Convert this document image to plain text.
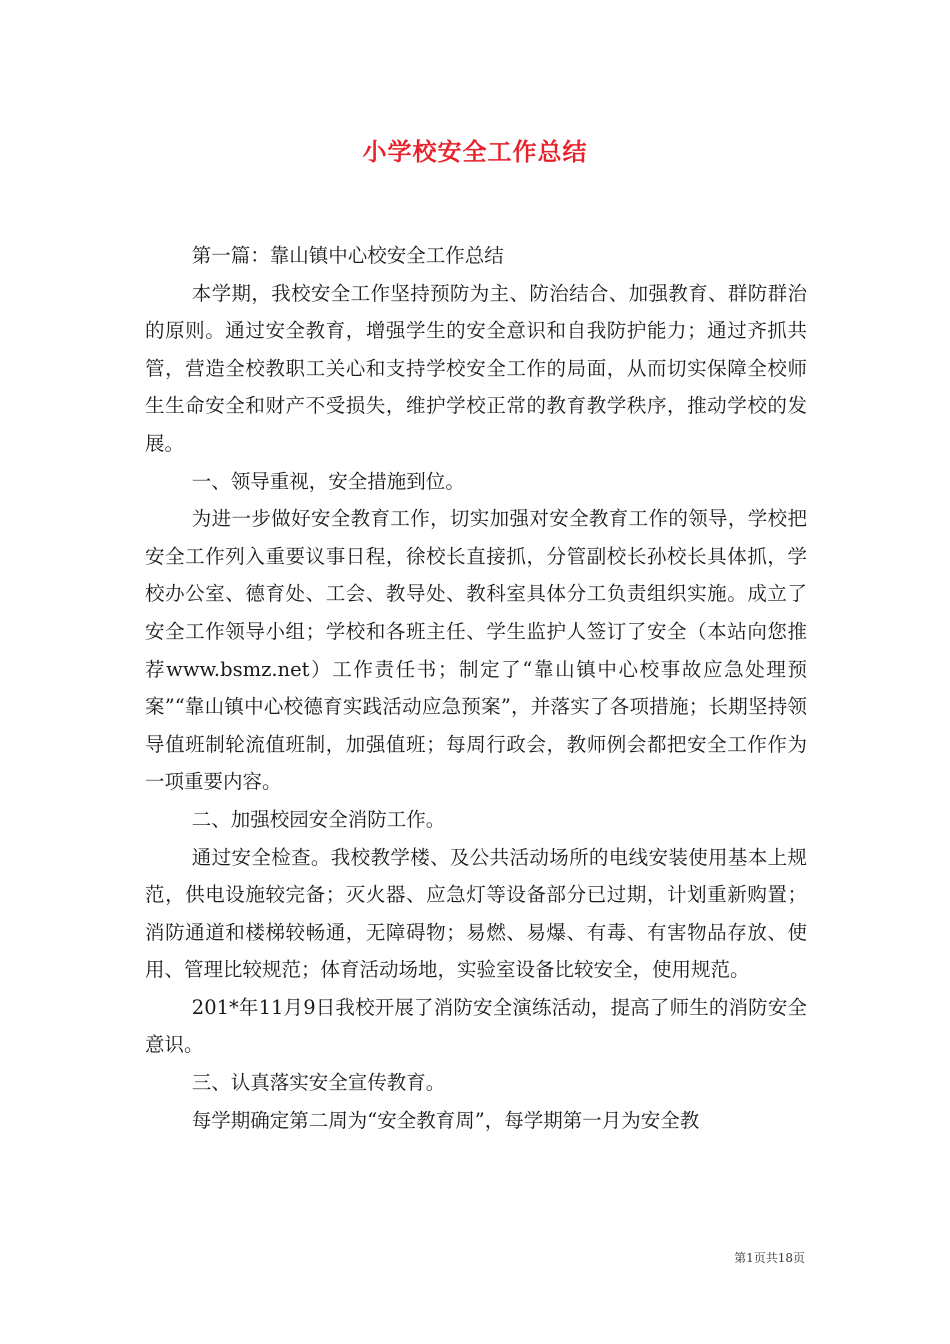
小学校安全工作总结

第一篇：靠山镇中心校安全工作总结

本学期，我校安全工作坚持预防为主、防治结合、加强教育、群防群治的原则。通过安全教育，增强学生的安全意识和自我防护能力；通过齐抓共管，营造全校教职工关心和支持学校安全工作的局面，从而切实保障全校师生生命安全和财产不受损失，维护学校正常的教育教学秩序，推动学校的发展。

一、领导重视，安全措施到位。

为进一步做好安全教育工作，切实加强对安全教育工作的领导，学校把安全工作列入重要议事日程，徐校长直接抓，分管副校长孙校长具体抓，学校办公室、德育处、工会、教导处、教科室具体分工负责组织实施。成立了安全工作领导小组；学校和各班主任、学生监护人签订了安全（本站向您推荐www.bsmz.net）工作责任书；制定了“靠山镇中心校事故应急处理预案”“靠山镇中心校德育实践活动应急预案”，并落实了各项措施；长期坚持领导值班制轮流值班制，加强值班；每周行政会，教师例会都把安全工作作为一项重要内容。

二、加强校园安全消防工作。

通过安全检查。我校教学楼、及公共活动场所的电线安装使用基本上规范，供电设施较完备；灭火器、应急灯等设备部分已过期，计划重新购置；消防通道和楼梯较畅通，无障碍物；易燃、易爆、有毒、有害物品存放、使用、管理比较规范；体育活动场地，实验室设备比较安全，使用规范。

201*年11月9日我校开展了消防安全演练活动，提高了师生的消防安全意识。

三、认真落实安全宣传教育。

每学期确定第二周为“安全教育周”，每学期第一月为安全教

第1页共18页
